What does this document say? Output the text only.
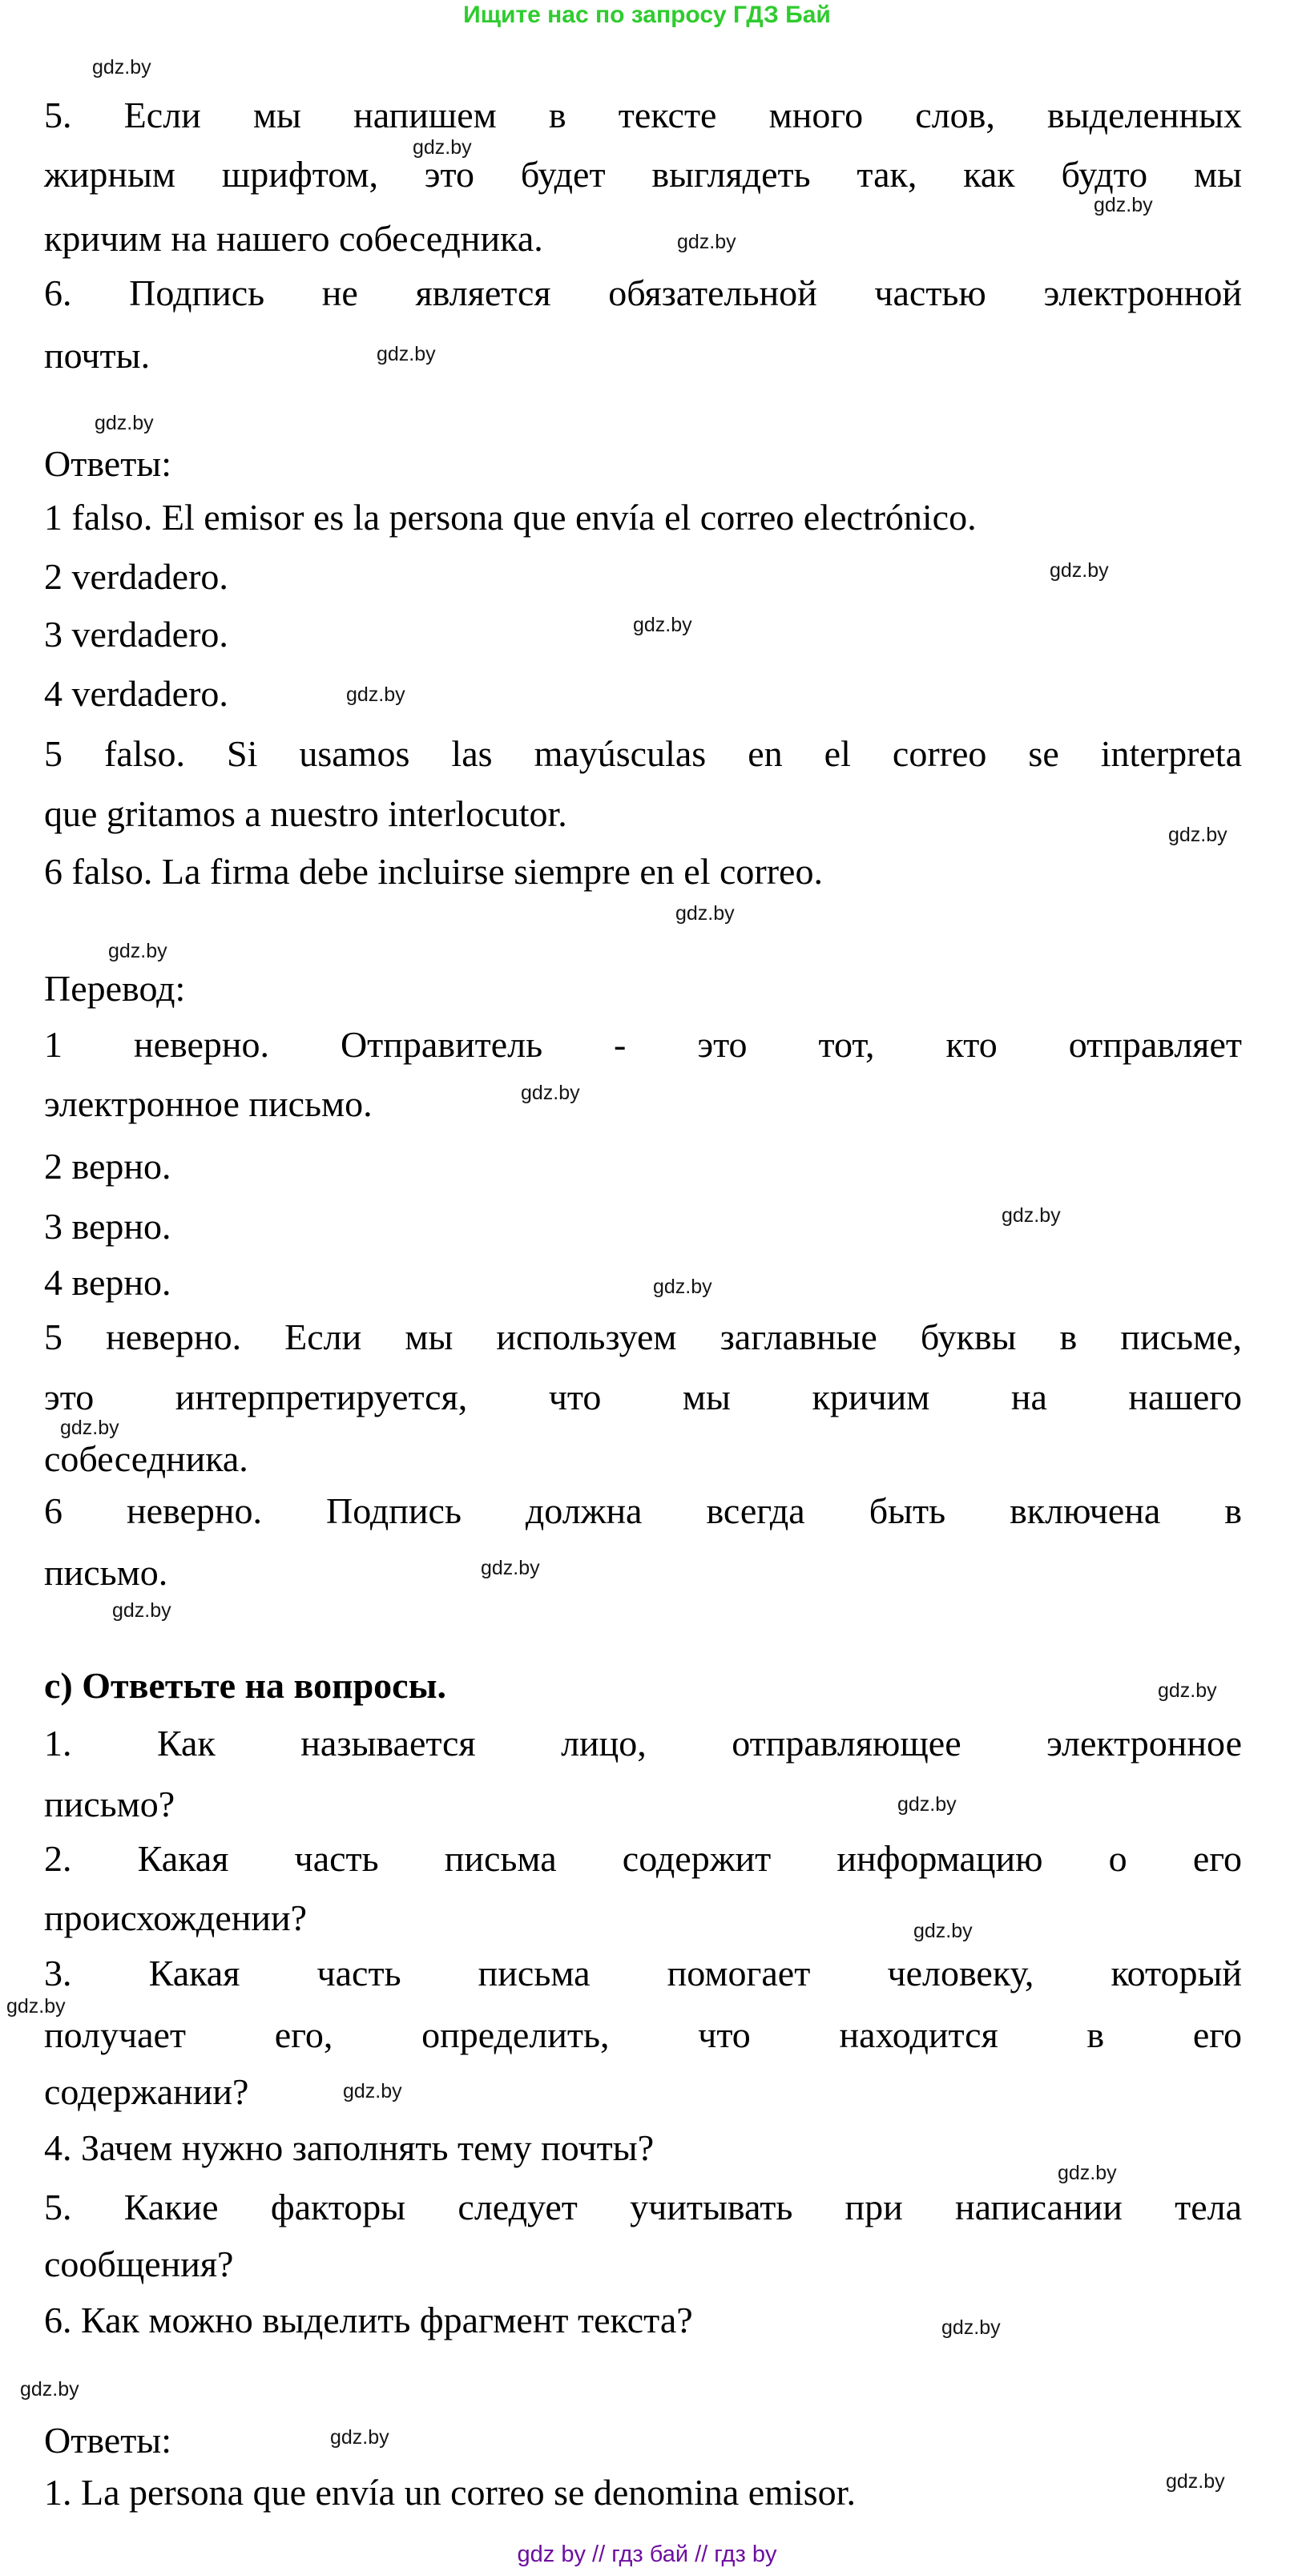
Ищите нас по запросу ГДЗ Бай
5. Если мы напишем в тексте много слов, выделенных
жирным шрифтом, это будет выглядеть так, как будто мы
кричим на нашего собеседника.
6. Подпись не является обязательной частью электронной
почты.
Ответы:
1 falso. El emisor es la persona que envía el correo electrónico.
2 verdadero.
3 verdadero.
4 verdadero.
5 falso. Si usamos las mayúsculas en el correo se interpreta
que gritamos a nuestro interlocutor.
6 falso. La firma debe incluirse siempre en el correo.
Перевод:
1 неверно. Отправитель - это тот, кто отправляет
электронное письмо.
2 верно.
3 верно.
4 верно.
5 неверно. Если мы используем заглавные буквы в письме,
это интерпретируется, что мы кричим на нашего
собеседника.
6 неверно. Подпись должна всегда быть включена в
письмо.
c) Ответьте на вопросы.
1. Как называется лицо, отправляющее электронное
письмо?
2. Какая часть письма содержит информацию о его
происхождении?
3. Какая часть письма помогает человеку, который
получает его, определить, что находится в его
содержании?
4. Зачем нужно заполнять тему почты?
5. Какие факторы следует учитывать при написании тела
сообщения?
6. Как можно выделить фрагмент текста?
Ответы:
1. La persona que envía un correo se denomina emisor.
gdz.by
gdz.by
gdz.by
gdz.by
gdz.by
gdz.by
gdz.by
gdz.by
gdz.by
gdz.by
gdz.by
gdz.by
gdz.by
gdz.by
gdz.by
gdz.by
gdz.by
gdz.by
gdz.by
gdz.by
gdz.by
gdz.by
gdz.by
gdz.by
gdz.by
gdz.by
gdz.by
gdz.by
gdz by // гдз бай // гдз by
